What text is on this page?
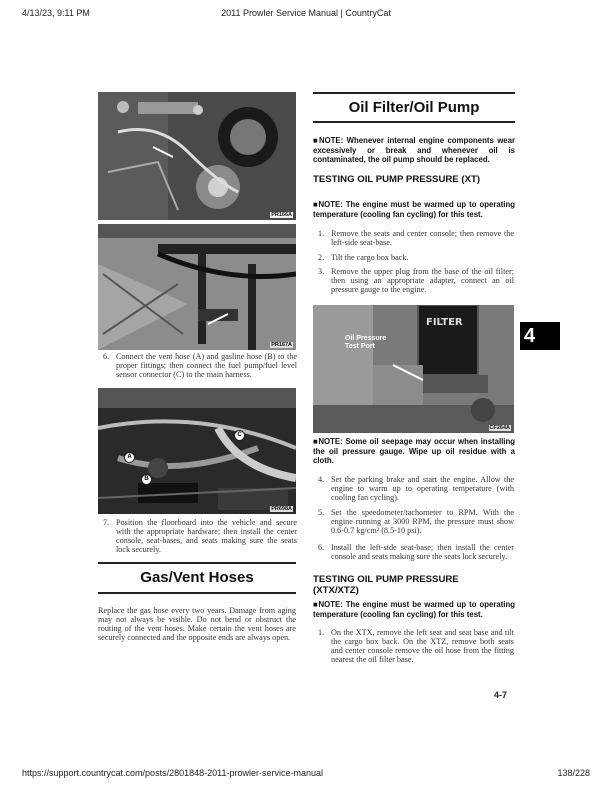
4/13/23, 9:11 PM	2011 Prowler Service Manual | CountryCat
PR166A
PR167A
6. Connect the vent hose (A) and gasline hose (B) to the proper fittings; then connect the fuel pump/fuel level sensor connector (C) to the main harness.
A
B
C
PR698A
7. Position the floorboard into the vehicle and secure with the appropriate hardware; then install the center console, seat-bases, and seats making sure the seats lock securely.
Gas/Vent Hoses
Replace the gas hose every two years. Damage from aging may not always be visible. Do not bend or obstruct the routing of the vent hoses. Make certain the vent hoses are securely connected and the opposite ends are always open.
Oil Filter/Oil Pump
■NOTE: Whenever internal engine components wear excessively or break and whenever oil is contaminated, the oil pump should be replaced.
TESTING OIL PUMP PRESSURE (XT)
■NOTE: The engine must be warmed up to operating temperature (cooling fan cycling) for this test.
1. Remove the seats and center console; then remove the left-side seat-base.
2. Tilt the cargo box back.
3. Remove the upper plug from the base of the oil filter; then using an appropriate adapter, connect an oil pressure gauge to the engine.
FILTER
Oil Pressure Test Port
CF264A
4
■NOTE: Some oil seepage may occur when installing the oil pressure gauge. Wipe up oil residue with a cloth.
4. Set the parking brake and start the engine. Allow the engine to warm up to operating temperature (with cooling fan cycling).
5. Set the speedometer/tachometer to RPM. With the engine running at 3000 RPM, the pressure must show 0.6-0.7 kg/cm² (8.5-10 psi).
6. Install the left-side seat-base; then install the center console and seats making sure the seats lock securely.
TESTING OIL PUMP PRESSURE (XTX/XTZ)
■NOTE: The engine must be warmed up to operating temperature (cooling fan cycling) for this test.
1. On the XTX, remove the left seat and seat base and tilt the cargo box back. On the XTZ, remove both seats and center console remove the oil hose from the fitting nearest the oil filter base.
4-7
https://support.countrycat.com/posts/2801848-2011-prowler-service-manual	138/228
